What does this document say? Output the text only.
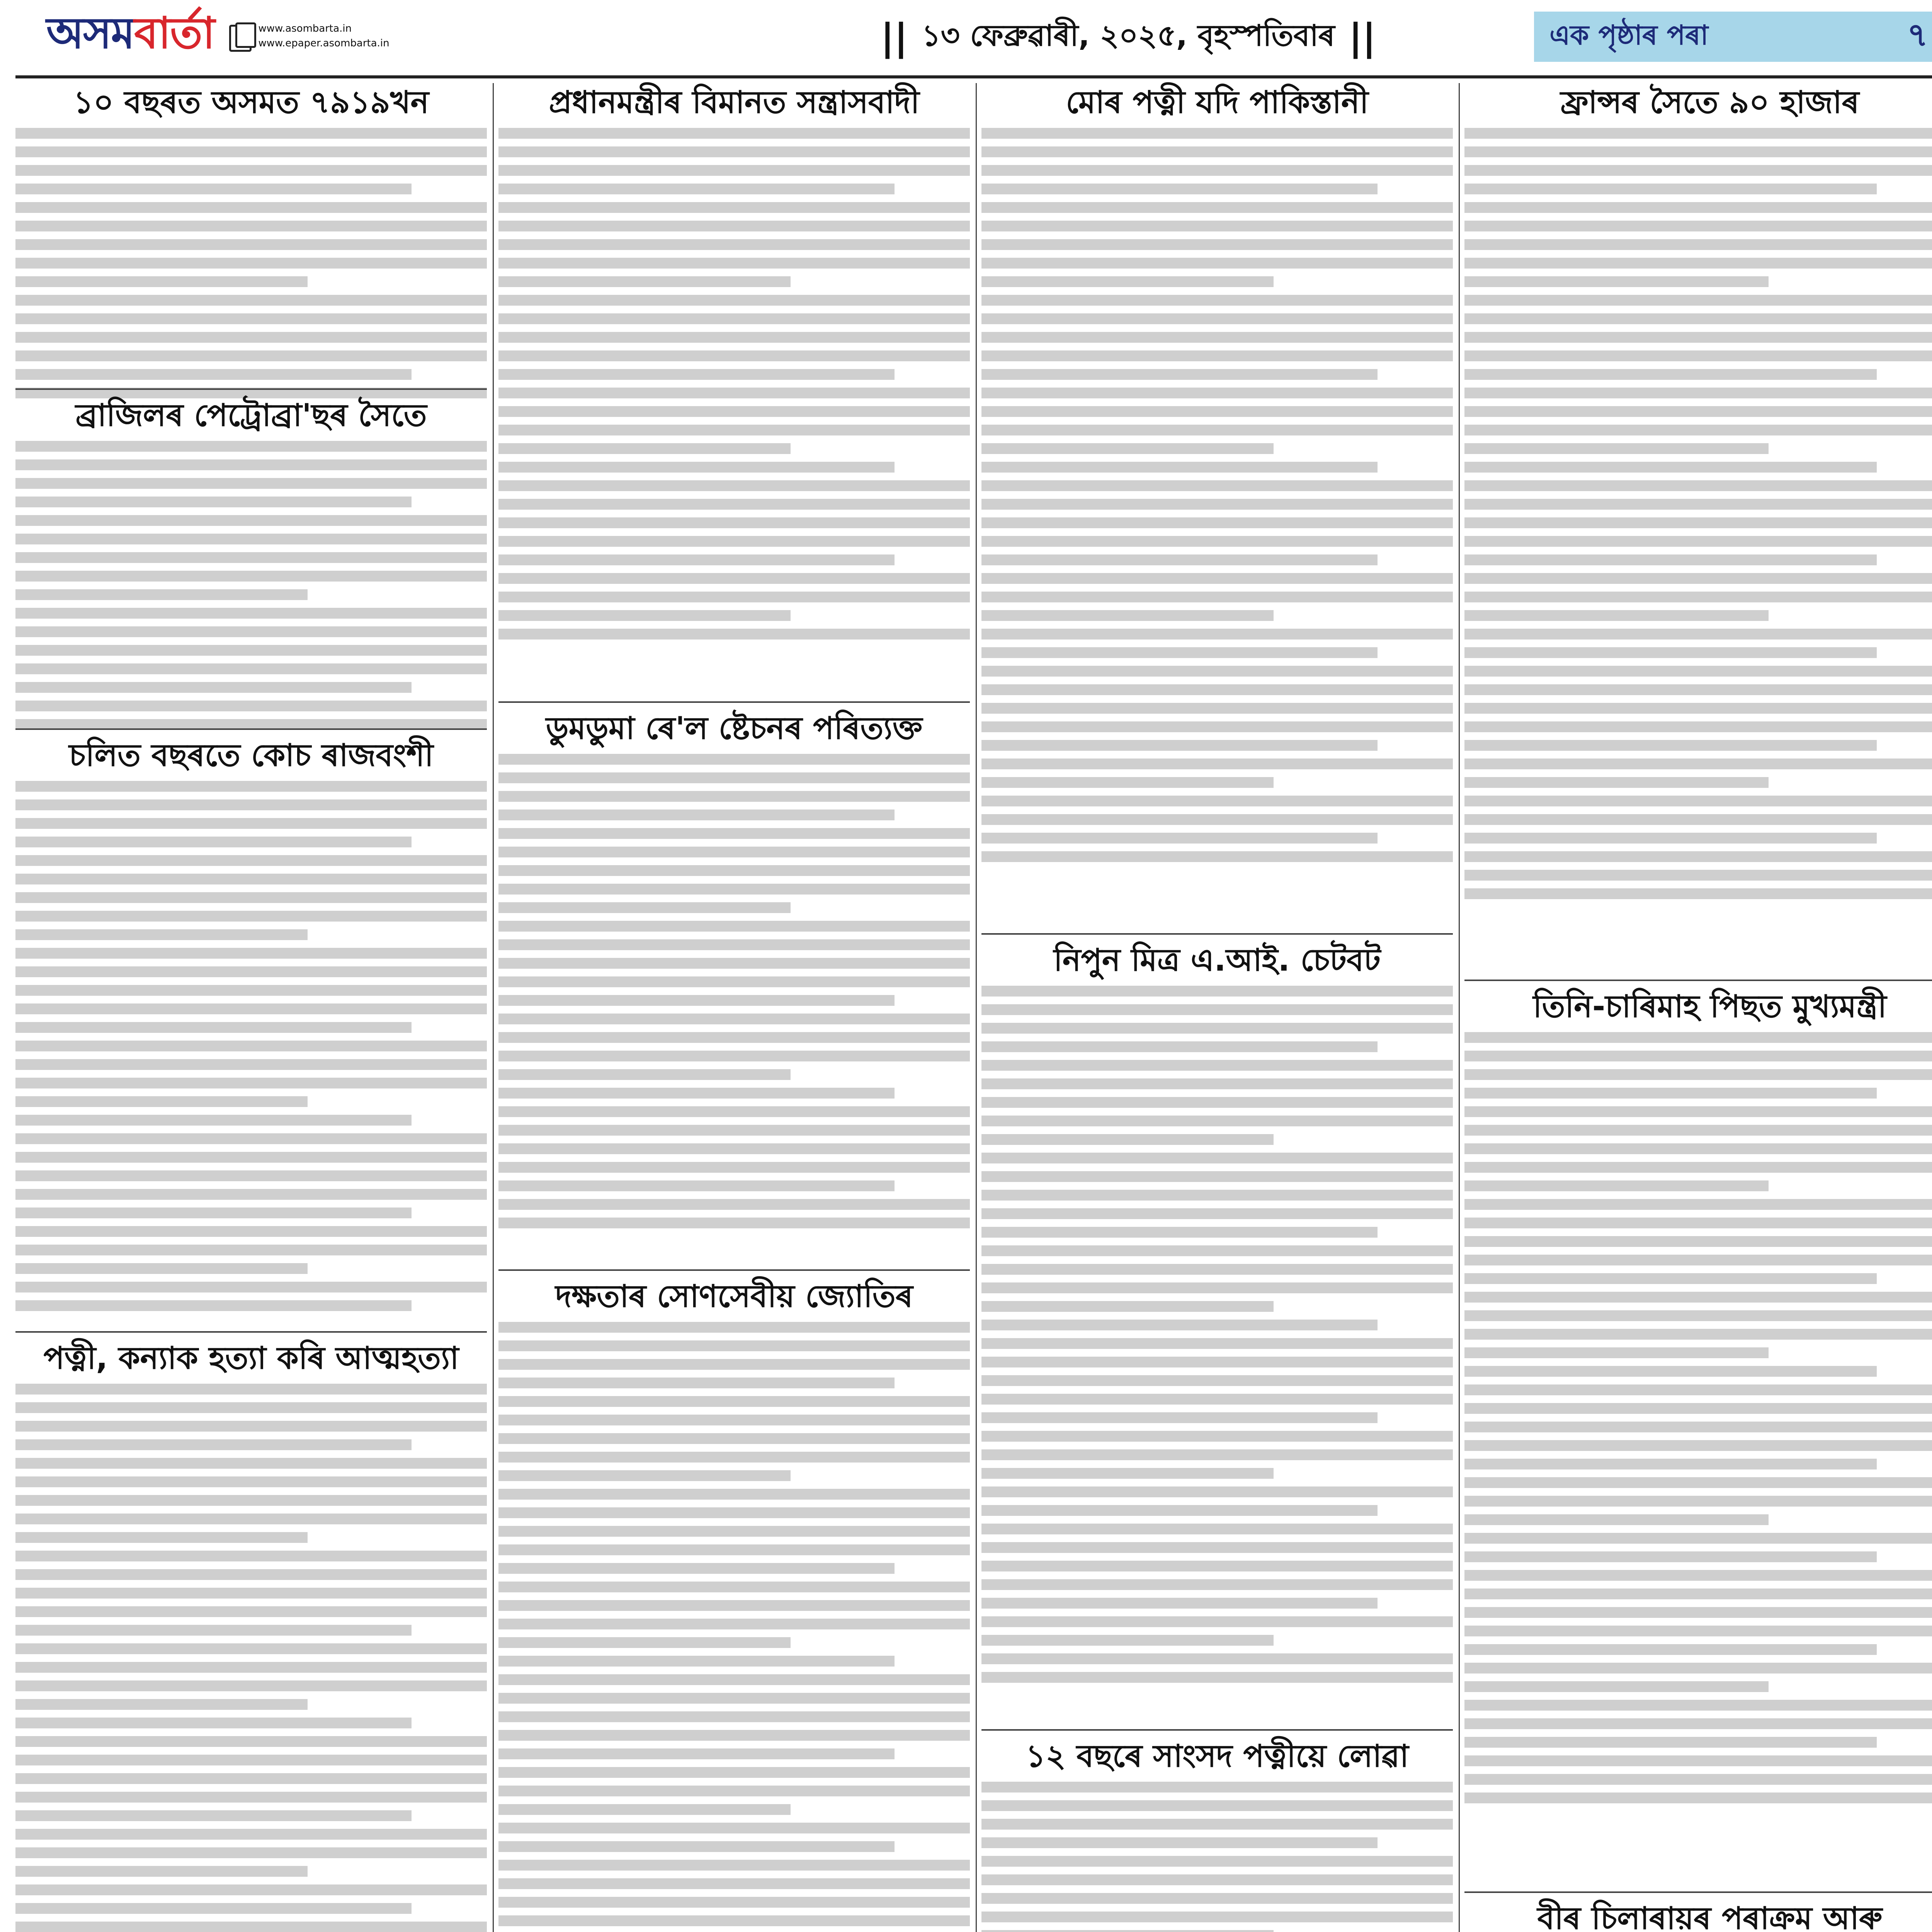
অসমবাৰ্তা	www.asombarta.in
www.epaper.asombarta.in	|| ১৩ ফেব্ৰুৱাৰী, ২০২৫, বৃহস্পতিবাৰ ||	এক পৃষ্ঠাৰ পৰা	৭
১০ বছৰত অসমত ৭৯১৯খন
ব্ৰাজিলৰ পেট্ৰোব্ৰা'ছৰ সৈতে
চলিত বছৰতে কোচ ৰাজবংশী
পত্নী, কন্যাক হত্যা কৰি আত্মহত্যা
প্ৰধানমন্ত্ৰীৰ বিমানত সন্ত্ৰাসবাদী
ডুমডুমা ৰে'ল ষ্টেচনৰ পৰিত্যক্ত
দক্ষতাৰ সোণসেবীয় জ্যোতিৰ
মোৰ পত্নী যদি পাকিস্তানী
নিপুন মিত্ৰ এ.আই. চেটবট
১২ বছৰে সাংসদ পত্নীয়ে লোৱা
ফ্ৰান্সৰ সৈতে ৯০ হাজাৰ
তিনি-চাৰিমাহ পিছত মুখ্যমন্ত্ৰী
বীৰ চিলাৰায়ৰ পৰাক্ৰম আৰু
